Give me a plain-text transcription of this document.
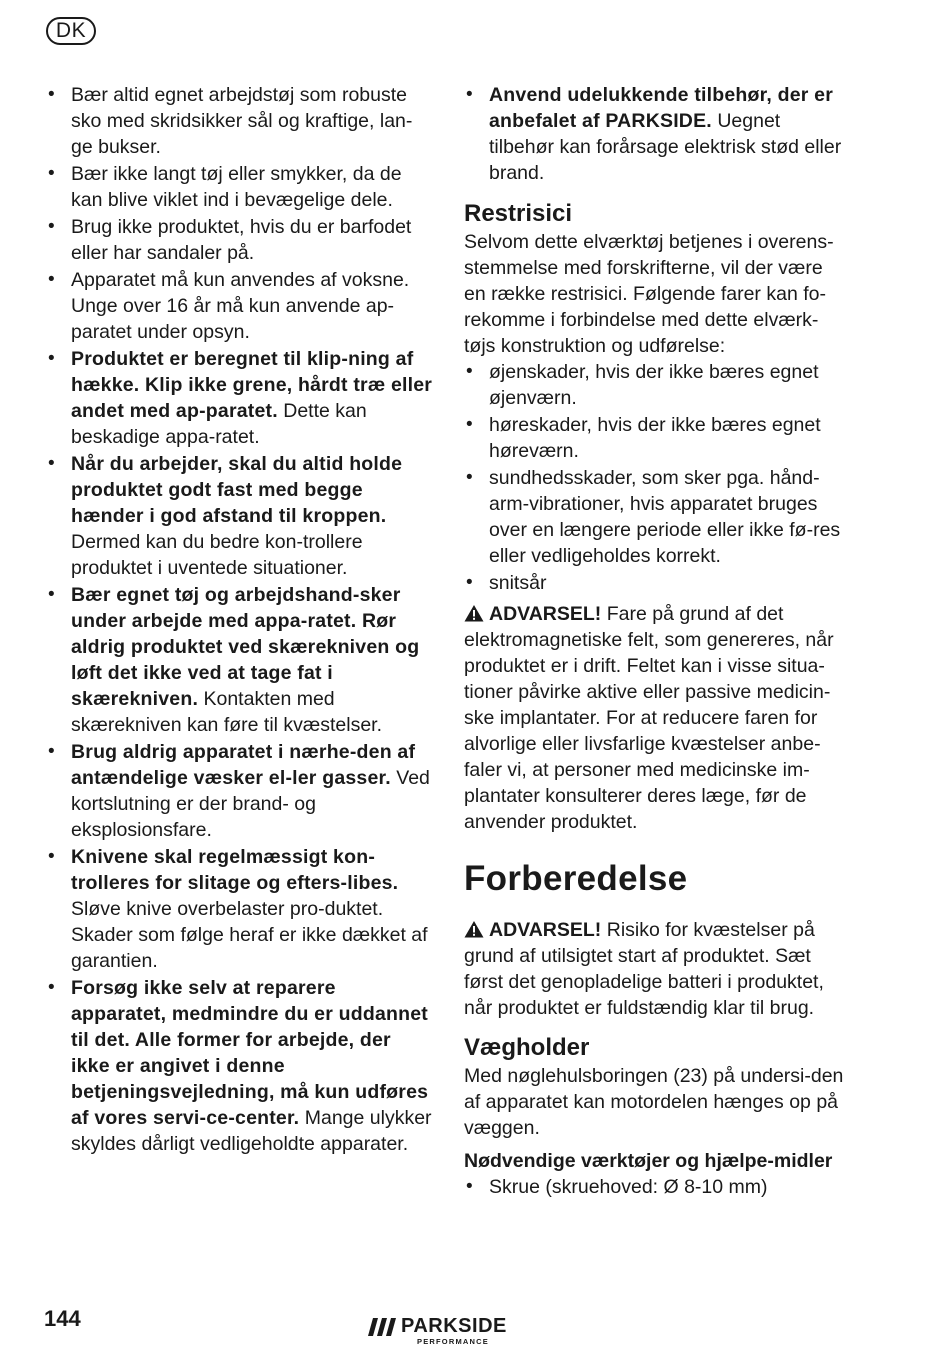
DK
• Bær altid egnet arbejdstøj som robuste sko med skridsikker sål og kraftige, lan-ge bukser.
• Bær ikke langt tøj eller smykker, da de kan blive viklet ind i bevægelige dele.
• Brug ikke produktet, hvis du er barfodet eller har sandaler på.
• Apparatet må kun anvendes af voksne. Unge over 16 år må kun anvende ap-paratet under opsyn.
• Produktet er beregnet til klip-ning af hække. Klip ikke grene, hårdt træ eller andet med ap-paratet. Dette kan beskadige appa-ratet.
• Når du arbejder, skal du altid holde produktet godt fast med begge hænder i god afstand til kroppen. Dermed kan du bedre kon-trollere produktet i uventede situationer.
• Bær egnet tøj og arbejdshand-sker under arbejde med appa-ratet. Rør aldrig produktet ved skærekniven og løft det ikke ved at tage fat i skærekniven. Kontakten med skærekniven kan føre til kvæstelser.
• Brug aldrig apparatet i nærhe-den af antændelige væsker el-ler gasser. Ved kortslutning er der brand- og eksplosionsfare.
• Knivene skal regelmæssigt kon-trolleres for slitage og efters-libes. Sløve knive overbelaster pro-duktet. Skader som følge heraf er ikke dækket af garantien.
• Forsøg ikke selv at reparere apparatet, medmindre du er uddannet til det. Alle former for arbejde, der ikke er angivet i denne betjeningsvejledning, må kun udføres af vores servi-ce-center. Mange ulykker skyldes dårligt vedligeholdte apparater.
• Anvend udelukkende tilbehør, der er anbefalet af PARKSIDE. Uegnet tilbehør kan forårsage elektrisk stød eller brand.
Restrisici

Selvom dette elværktøj betjenes i overens-stemmelse med forskrifterne, vil der være en række restrisici. Følgende farer kan fo-rekomme i forbindelse med dette elværk-tøjs konstruktion og udførelse:

• øjenskader, hvis der ikke bæres egnet øjenværn.
• høreskader, hvis der ikke bæres egnet høreværn.
• sundhedsskader, som sker pga. hånd-arm-vibrationer, hvis apparatet bruges over en længere periode eller ikke fø-res eller vedligeholdes korrekt.
• snitsår

ADVARSEL! Fare på grund af det elektromagnetiske felt, som genereres, når produktet er i drift. Feltet kan i visse situa-tioner påvirke aktive eller passive medicin-ske implantater. For at reducere faren for alvorlige eller livsfarlige kvæstelser anbe-faler vi, at personer med medicinske im-plantater konsulterer deres læge, før de anvender produktet.

Forberedelse

ADVARSEL! Risiko for kvæstelser på grund af utilsigtet start af produktet. Sæt først det genopladelige batteri i produktet, når produktet er fuldstændig klar til brug.

Vægholder

Med nøglehulsboringen (23) på undersi-den af apparatet kan motordelen hænges op på væggen.

Nødvendige værktøjer og hjælpe-midler
• Skrue (skruehoved: Ø 8-10 mm)
144	PARKSIDE
PERFORMANCE
